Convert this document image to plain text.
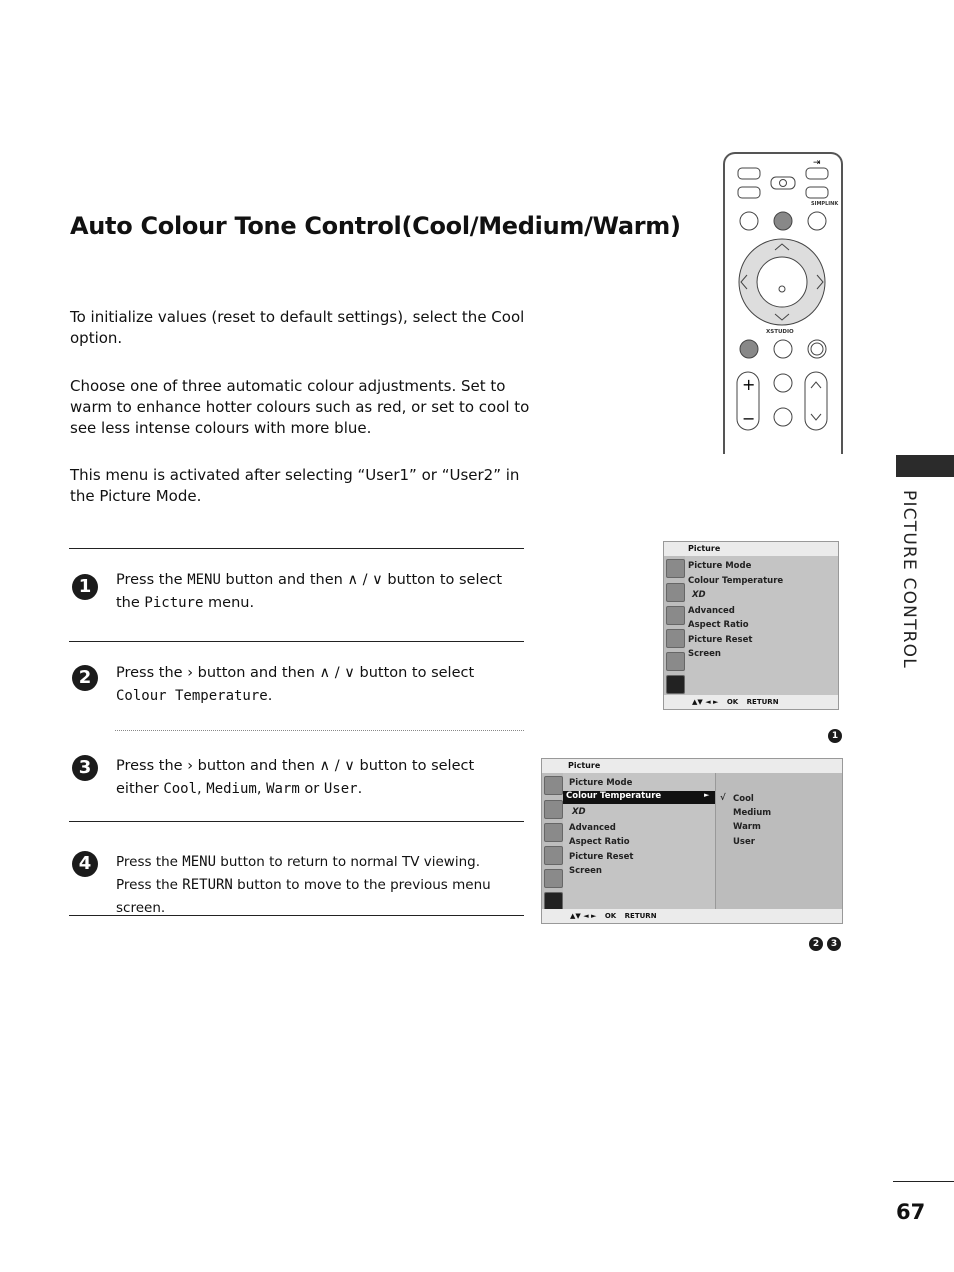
Auto Colour Tone Control(Cool/Medium/Warm)
To initialize values (reset to default settings), select the Cool option.
Choose one of three automatic colour adjustments. Set to warm to enhance hotter colours such as red, or set to cool to see less intense colours with more blue.
This menu is activated after selecting “User1” or “User2” in the Picture Mode.
1	Press the MENU button and then ∧ / ∨ button to select the Picture menu.
2	Press the › button and then ∧ / ∨ button to select Colour Temperature.
3	Press the › button and then ∧ / ∨ button to select either Cool, Medium, Warm or User.
4	Press the MENU button to return to normal TV viewing.
Press the RETURN button to move to the previous menu screen.
⇥
+
−
SIMPLINK
XSTUDIO
PICTURE CONTROL
Picture
Picture Mode
Colour Temperature
XD
Advanced
Aspect Ratio
Picture Reset
Screen
▲▼ ◄ ► OK RETURN
1
Picture
Picture Mode
Colour Temperature	►
XD
Advanced
Aspect Ratio
Picture Reset
Screen
√ Cool
Medium
Warm
User
▲▼ ◄ ► OK RETURN
2	3
67
